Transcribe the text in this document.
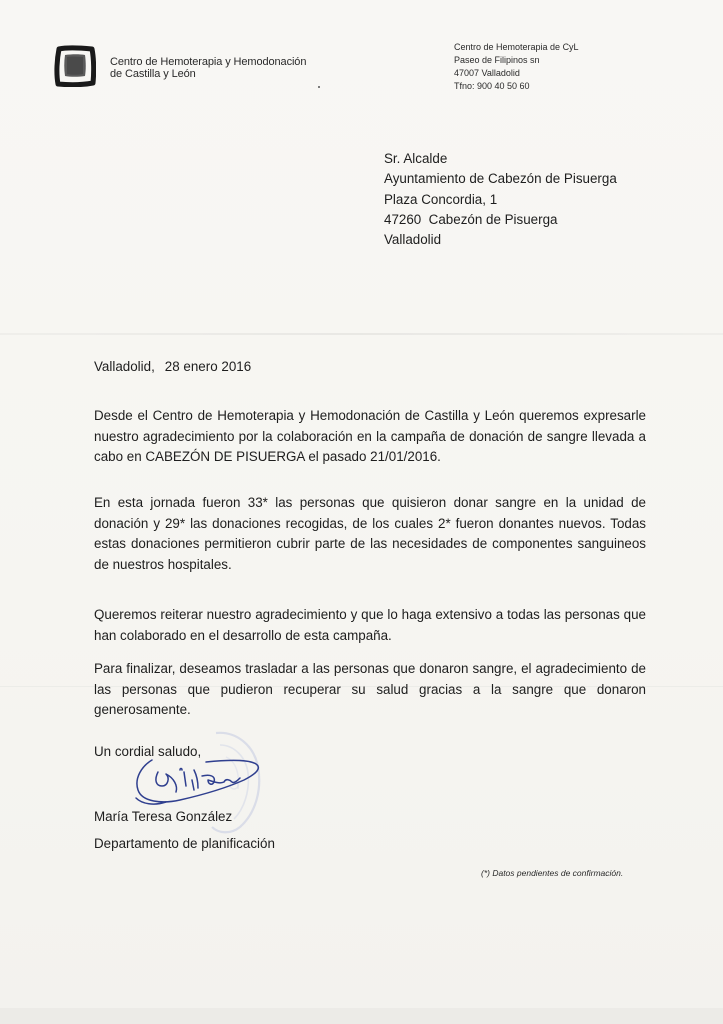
Centro de Hemoterapia y Hemodonación
de Castilla y León
Centro de Hemoterapia de CyL
Paseo de Filipinos sn
47007 Valladolid
Tfno: 900 40 50 60
Sr. Alcalde
Ayuntamiento de Cabezón de Pisuerga
Plaza Concordia, 1
47260  Cabezón de Pisuerga
Valladolid
Valladolid, 28 enero 2016
Desde el Centro de Hemoterapia y Hemodonación de Castilla y León queremos expresarle nuestro agradecimiento por la colaboración en la campaña de donación de sangre llevada a cabo en CABEZÓN DE PISUERGA el pasado 21/01/2016.
En esta jornada fueron 33* las personas que quisieron donar sangre en la unidad de donación y 29* las donaciones recogidas, de los cuales 2* fueron donantes nuevos. Todas estas donaciones permitieron cubrir parte de las necesidades de componentes sanguineos de nuestros hospitales.
Queremos reiterar nuestro agradecimiento y que lo haga extensivo a todas las personas que han colaborado en el desarrollo de esta campaña.
Para finalizar, deseamos trasladar a las personas que donaron sangre, el agradecimiento de las personas que pudieron recuperar su salud gracias a la sangre que donaron generosamente.
Un cordial saludo,
María Teresa González
Departamento de planificación
(*) Datos pendientes de confirmación.
